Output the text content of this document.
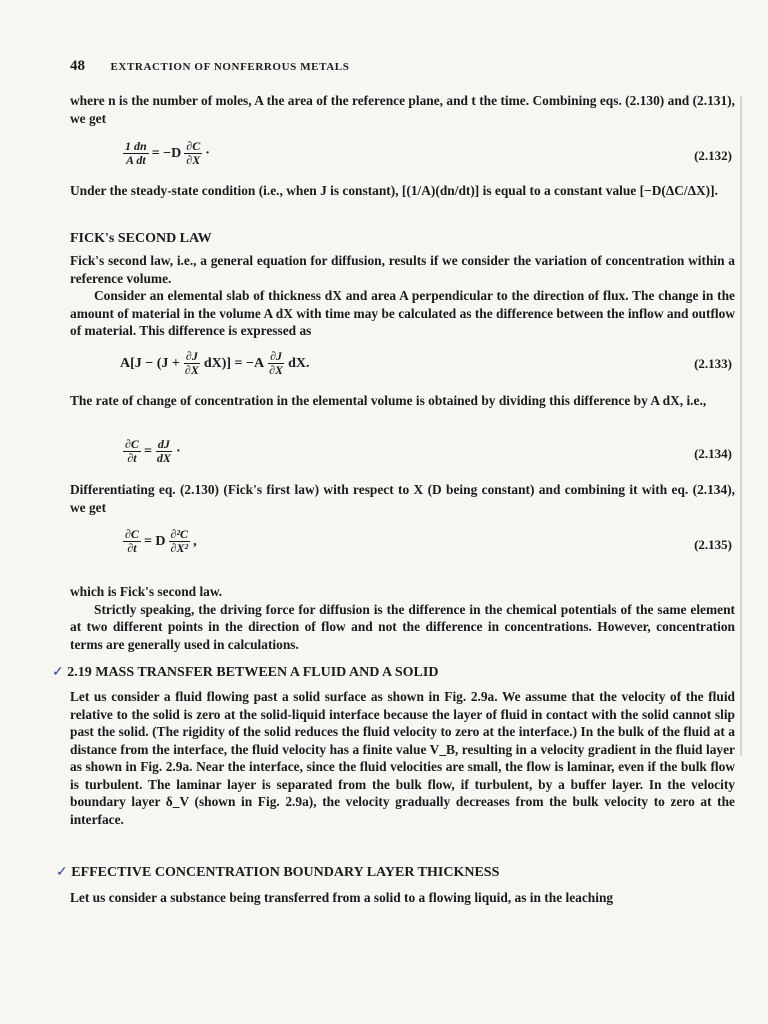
48 EXTRACTION OF NONFERROUS METALS

where n is the number of moles, A the area of the reference plane, and t the time. Combining eqs. (2.130) and (2.131), we get

$\frac{1 dn}{\text{A dt}} = -D \frac{\partial C}{\partial X}$ ·	(2.132)

Under the steady-state condition (i.e., when J is constant), [(1/A)(dn/dt)] is equal to a constant value [−D(ΔC/ΔX)].

FICK's SECOND LAW

Fick's second law, i.e., a general equation for diffusion, results if we consider the variation of concentration within a reference volume.

Consider an elemental slab of thickness dX and area A perpendicular to the direction of flux. The change in the amount of material in the volume A dX with time may be calculated as the difference between the inflow and outflow of material. This difference is expressed as

$A[J - (J + \frac{\partial J}{\partial X} dX)] = -A \frac{\partial J}{\partial X}$ dX.	(2.133)

The rate of change of concentration in the elemental volume is obtained by dividing this difference by A dX, i.e.,

$\frac{\partial C}{\partial t} = \frac{dJ}{dX}$ ·	(2.134)

Differentiating eq. (2.130) (Fick's first law) with respect to X (D being constant) and combining it with eq. (2.134), we get

$\frac{\partial C}{\partial t} = D \frac{\text{∂²C}}{\text{∂X²}}$ ,	(2.135)

which is Fick's second law.

Strictly speaking, the driving force for diffusion is the difference in the chemical potentials of the same element at two different points in the direction of flow and not the difference in concentrations. However, concentration terms are generally used in calculations.

✓ 2.19 MASS TRANSFER BETWEEN A FLUID AND A SOLID

Let us consider a fluid flowing past a solid surface as shown in Fig. 2.9a. We assume that the velocity of the fluid relative to the solid is zero at the solid-liquid interface because the layer of fluid in contact with the solid cannot slip past the solid. (The rigidity of the solid reduces the fluid velocity to zero at the interface.) In the bulk of the fluid at a distance from the interface, the fluid velocity has a finite value V_B, resulting in a velocity gradient in the fluid layer as shown in Fig. 2.9a. Near the interface, since the fluid velocities are small, the flow is laminar, even if the bulk flow is turbulent. The laminar layer is separated from the bulk flow, if turbulent, by a buffer layer. In the velocity boundary layer δ_V (shown in Fig. 2.9a), the velocity gradually decreases from the bulk velocity to zero at the interface.

✓ EFFECTIVE CONCENTRATION BOUNDARY LAYER THICKNESS

Let us consider a substance being transferred from a solid to a flowing liquid, as in the leaching
